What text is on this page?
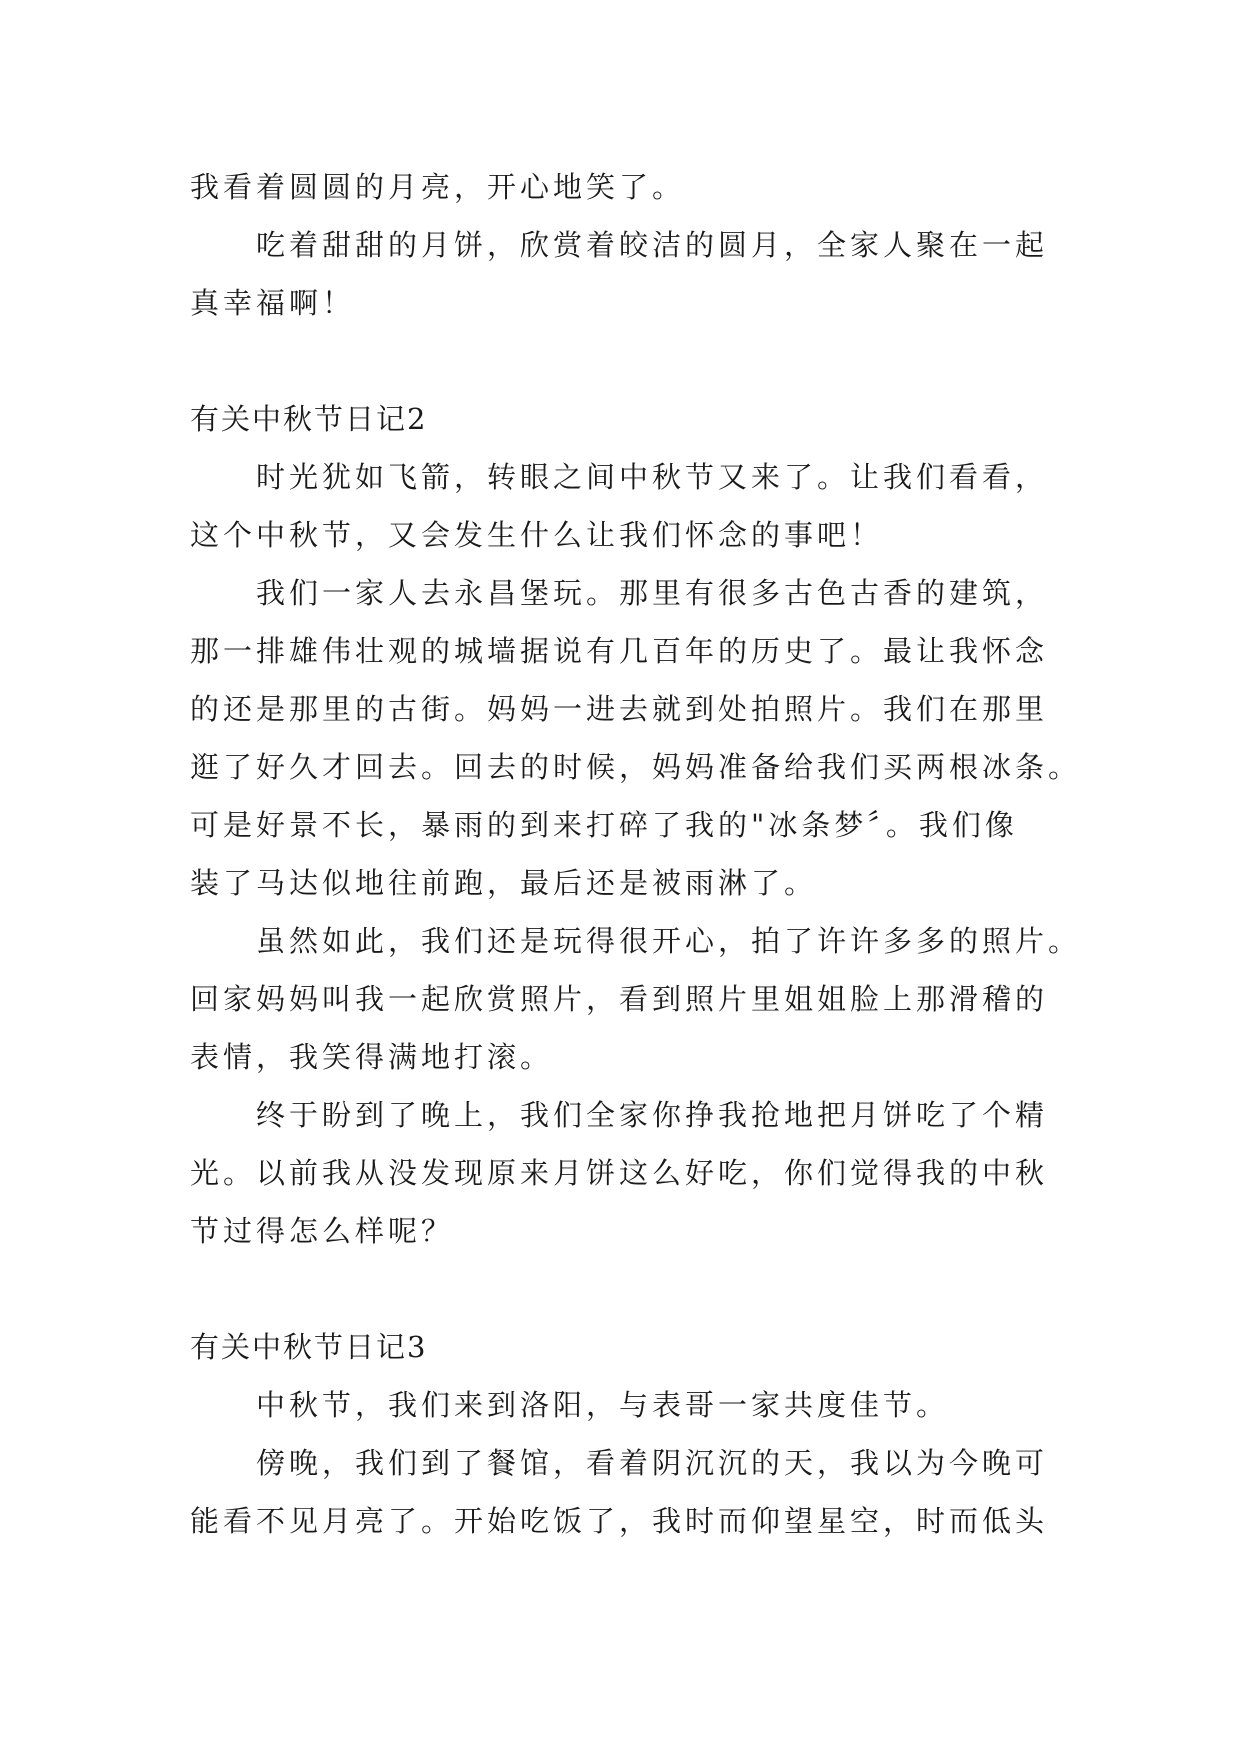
我看着圆圆的月亮，开心地笑了。
吃着甜甜的月饼，欣赏着皎洁的圆月，全家人聚在一起
真幸福啊！
有关中秋节日记2
时光犹如飞箭，转眼之间中秋节又来了。让我们看看，
这个中秋节，又会发生什么让我们怀念的事吧！
我们一家人去永昌堡玩。那里有很多古色古香的建筑，
那一排雄伟壮观的城墙据说有几百年的历史了。最让我怀念
的还是那里的古街。妈妈一进去就到处拍照片。我们在那里
逛了好久才回去。回去的时候，妈妈准备给我们买两根冰条。
可是好景不长，暴雨的到来打碎了我的"冰条梦〞。我们像
装了马达似地往前跑，最后还是被雨淋了。
虽然如此，我们还是玩得很开心，拍了许许多多的照片。
回家妈妈叫我一起欣赏照片，看到照片里姐姐脸上那滑稽的
表情，我笑得满地打滚。
终于盼到了晚上，我们全家你挣我抢地把月饼吃了个精
光。以前我从没发现原来月饼这么好吃，你们觉得我的中秋
节过得怎么样呢？
有关中秋节日记3
中秋节，我们来到洛阳，与表哥一家共度佳节。
傍晚，我们到了餐馆，看着阴沉沉的天，我以为今晚可
能看不见月亮了。开始吃饭了，我时而仰望星空，时而低头
